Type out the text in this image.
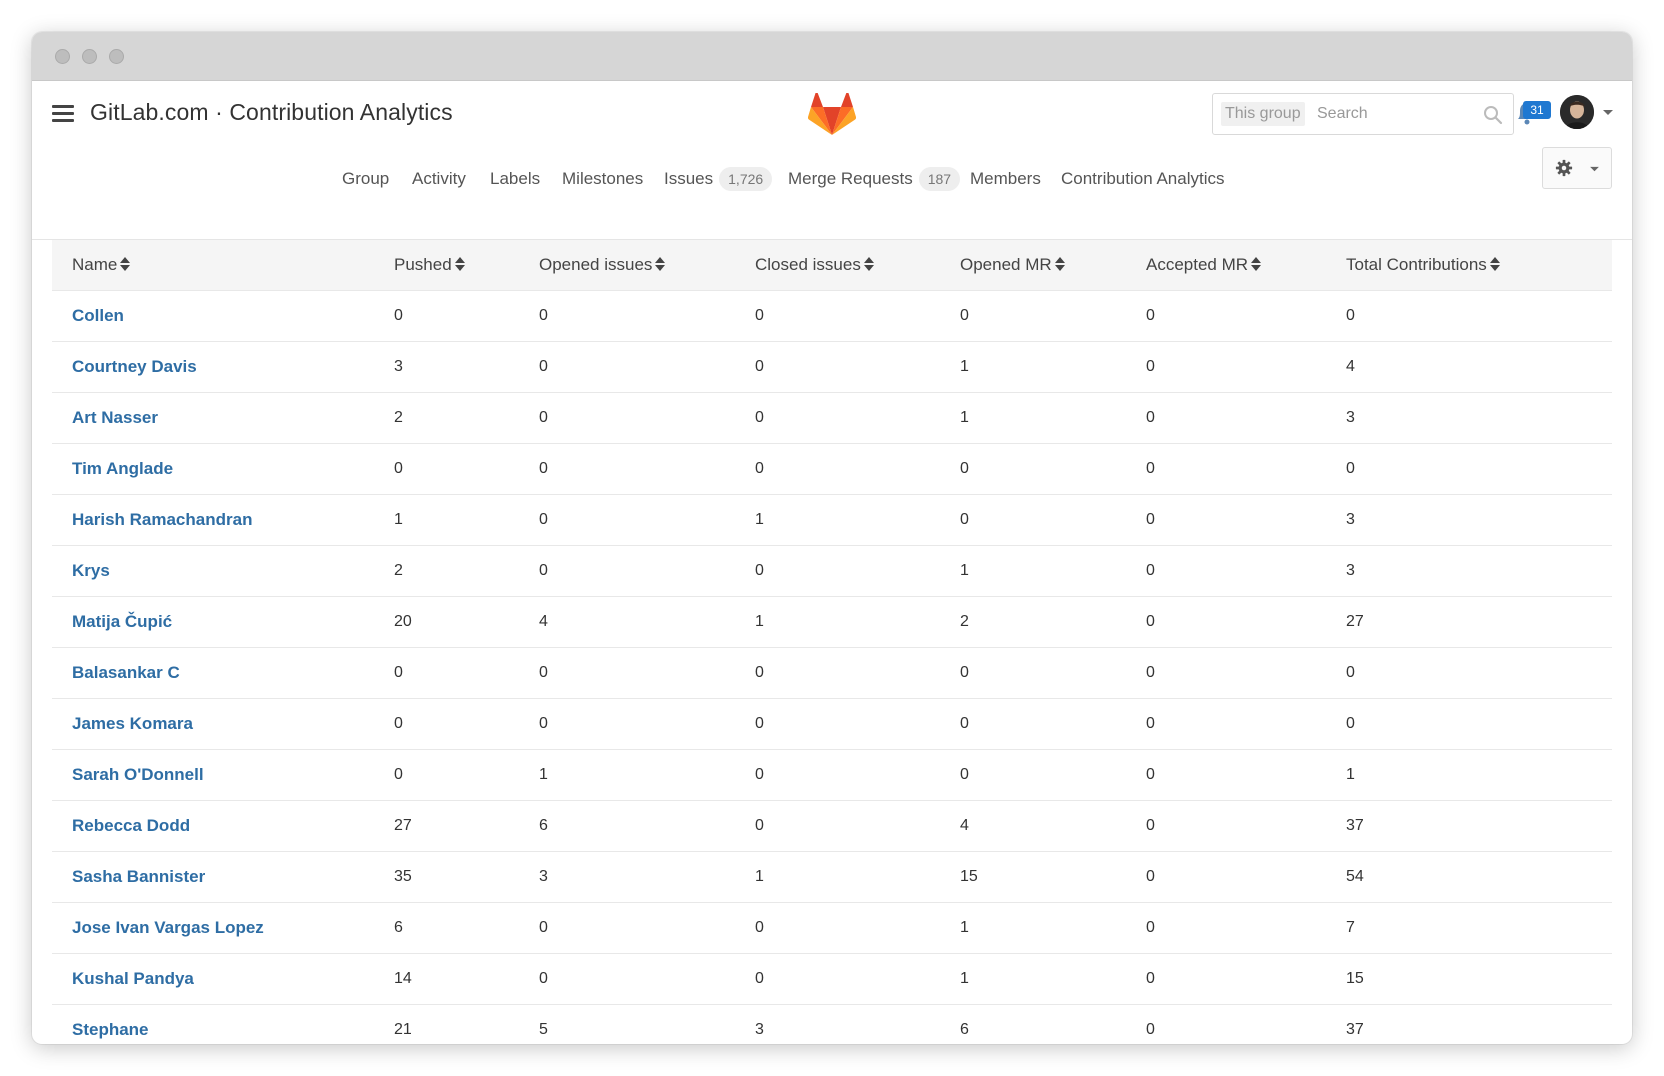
GitLab.com · Contribution Analytics	This group
Search	31
Group Activity Labels Milestones Issues 1,726	Merge Requests 187	Members Contribution Analytics
Name	Pushed	Opened issues	Closed issues	Opened MR	Accepted MR	Total Contributions
Collen	0	0	0	0	0	0
Courtney Davis	3	0	0	1	0	4
Art Nasser	2	0	0	1	0	3
Tim Anglade	0	0	0	0	0	0
Harish Ramachandran	1	0	1	0	0	3
Krys	2	0	0	1	0	3
Matija Čupić	20	4	1	2	0	27
Balasankar C	0	0	0	0	0	0
James Komara	0	0	0	0	0	0
Sarah O'Donnell	0	1	0	0	0	1
Rebecca Dodd	27	6	0	4	0	37
Sasha Bannister	35	3	1	15	0	54
Jose Ivan Vargas Lopez	6	0	0	1	0	7
Kushal Pandya	14	0	0	1	0	15
Stephane	21	5	3	6	0	37
